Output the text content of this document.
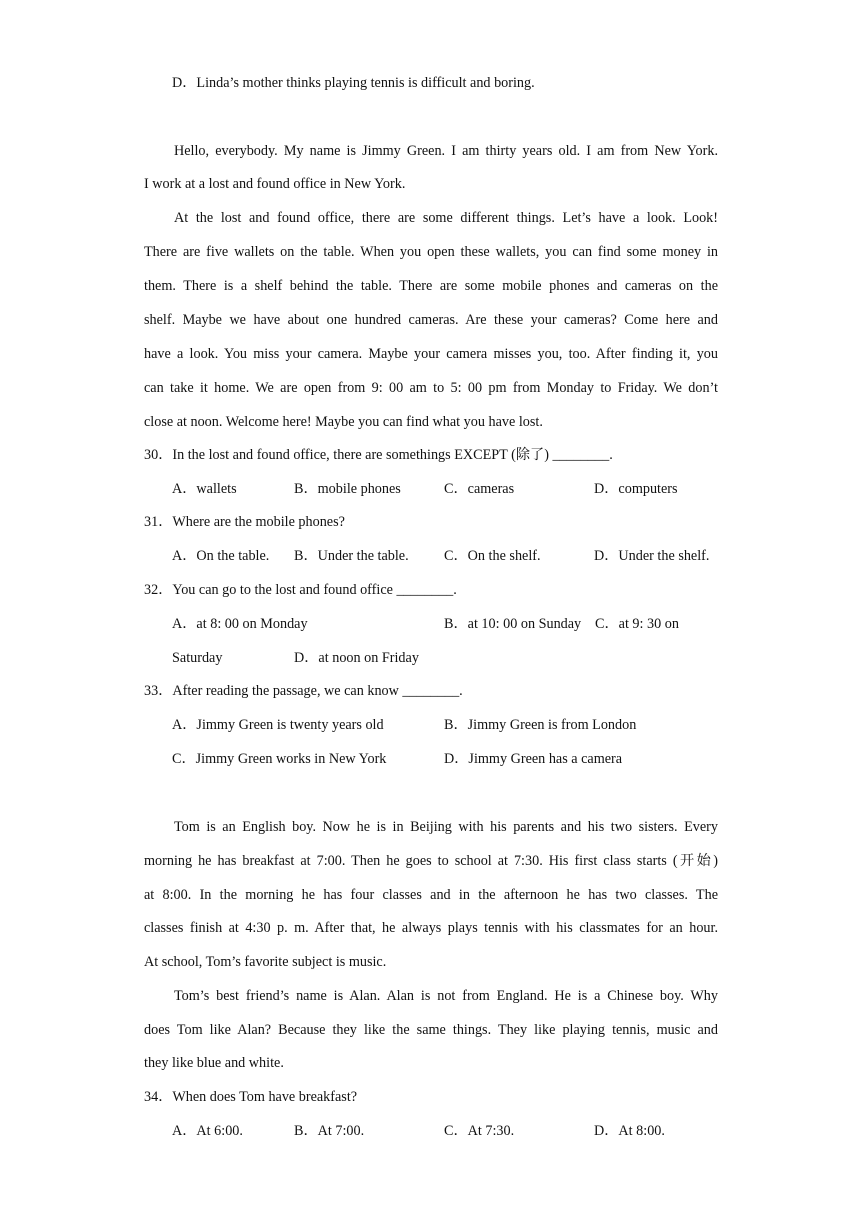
D．Linda’s mother thinks playing tennis is difficult and boring.
Hello, everybody. My name is Jimmy Green. I am thirty years old. I am from New York.
I work at a lost and found office in New York.
At the lost and found office, there are some different things. Let’s have a look. Look!
There are five wallets on the table. When you open these wallets, you can find some money in
them. There is a shelf behind the table. There are some mobile phones and cameras on the
shelf. Maybe we have about one hundred cameras. Are these your cameras? Come here and
have a look. You miss your camera. Maybe your camera misses you, too. After finding it, you
can take it home. We are open from 9: 00 am to 5: 00 pm from Monday to Friday. We don’t
close at noon. Welcome here! Maybe you can find what you have lost.
30．In the lost and found office, there are somethings EXCEPT (除了) ________.
A．wallets	B．mobile phones	C．cameras	D．computers
31．Where are the mobile phones?
A．On the table. B．Under the table. C．On the shelf.	D．Under the shelf.
32．You can go to the lost and found office ________.
A．at 8: 00 on Monday	B．at 10: 00 on Sunday C．at 9: 30 on
Saturday	D．at noon on Friday
33．After reading the passage, we can know ________.
A．Jimmy Green is twenty years old	B．Jimmy Green is from London
C．Jimmy Green works in New York	D．Jimmy Green has a camera
Tom is an English boy. Now he is in Beijing with his parents and his two sisters. Every
morning he has breakfast at 7:00. Then he goes to school at 7:30. His first class starts (开始)
at 8:00. In the morning he has four classes and in the afternoon he has two classes. The
classes finish at 4:30 p. m. After that, he always plays tennis with his classmates for an hour.
At school, Tom’s favorite subject is music.
Tom’s best friend’s name is Alan. Alan is not from England. He is a Chinese boy. Why
does Tom like Alan? Because they like the same things. They like playing tennis, music and
they like blue and white.
34．When does Tom have breakfast?
A．At 6:00.	B．At 7:00.	C．At 7:30.	D．At 8:00.
